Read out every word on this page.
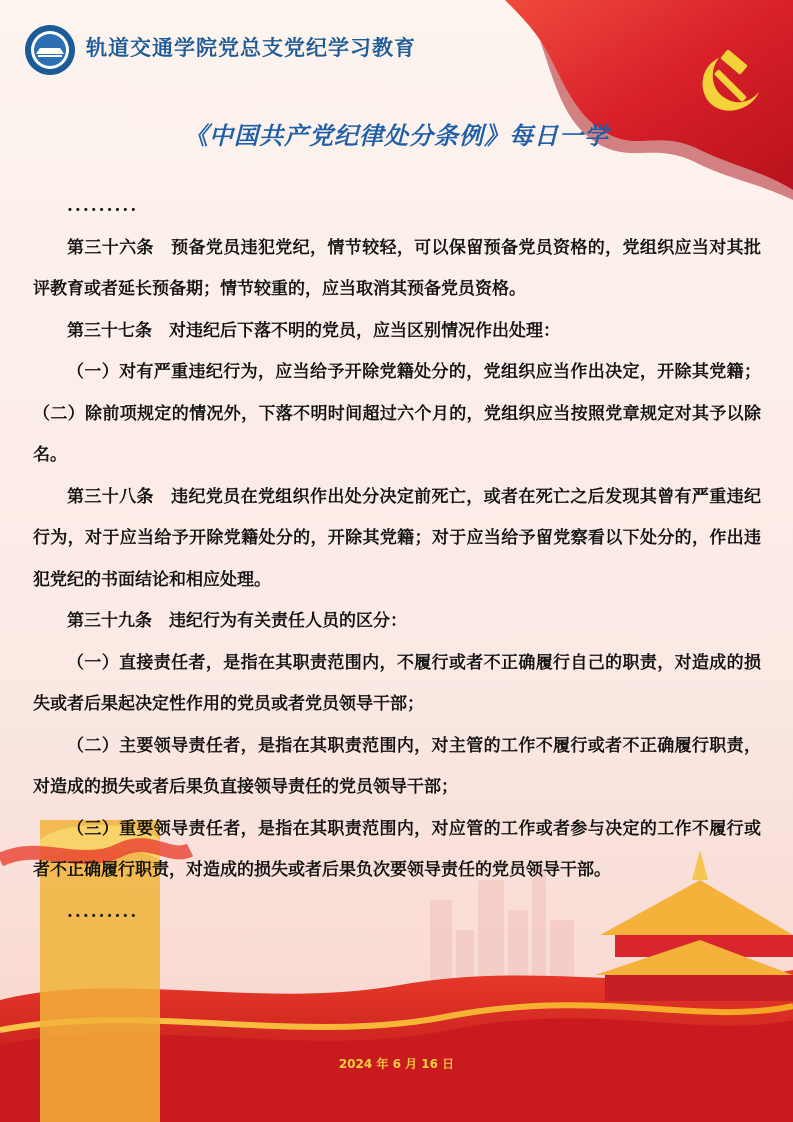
轨道交通学院党总支党纪学习教育
《中国共产党纪律处分条例》每日一学

.........

第三十六条　预备党员违犯党纪，情节较轻，可以保留预备党员资格的，党组织应当对其批评教育或者延长预备期；情节较重的，应当取消其预备党员资格。

第三十七条　对违纪后下落不明的党员，应当区别情况作出处理：

（一）对有严重违纪行为，应当给予开除党籍处分的，党组织应当作出决定，开除其党籍；（二）除前项规定的情况外，下落不明时间超过六个月的，党组织应当按照党章规定对其予以除名。

第三十八条　违纪党员在党组织作出处分决定前死亡，或者在死亡之后发现其曾有严重违纪行为，对于应当给予开除党籍处分的，开除其党籍；对于应当给予留党察看以下处分的，作出违犯党纪的书面结论和相应处理。

第三十九条　违纪行为有关责任人员的区分：

（一）直接责任者，是指在其职责范围内，不履行或者不正确履行自己的职责，对造成的损失或者后果起决定性作用的党员或者党员领导干部；

（二）主要领导责任者，是指在其职责范围内，对主管的工作不履行或者不正确履行职责，对造成的损失或者后果负直接领导责任的党员领导干部；

（三）重要领导责任者，是指在其职责范围内，对应管的工作或者参与决定的工作不履行或者不正确履行职责，对造成的损失或者后果负次要领导责任的党员领导干部。

.........

2024 年 6 月 16 日
